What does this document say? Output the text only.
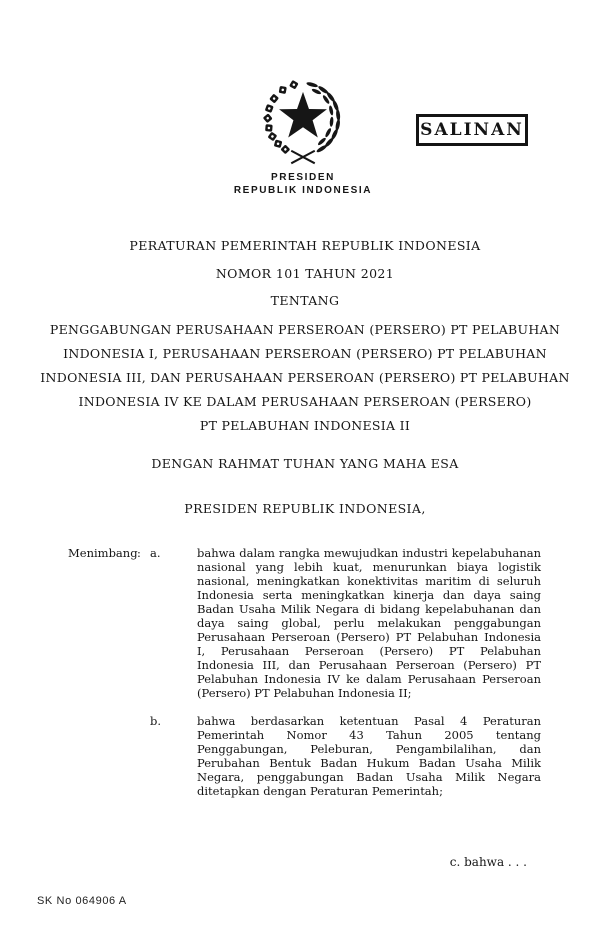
PRESIDEN
REPUBLIK INDONESIA
SALINAN
PERATURAN PEMERINTAH REPUBLIK INDONESIA
NOMOR 101 TAHUN 2021
TENTANG
PENGGABUNGAN PERUSAHAAN PERSEROAN (PERSERO) PT PELABUHAN
INDONESIA I, PERUSAHAAN PERSEROAN (PERSERO) PT PELABUHAN
INDONESIA III, DAN PERUSAHAAN PERSEROAN (PERSERO) PT PELABUHAN
INDONESIA IV KE DALAM PERUSAHAAN PERSEROAN (PERSERO)
PT PELABUHAN INDONESIA II
DENGAN RAHMAT TUHAN YANG MAHA ESA
PRESIDEN REPUBLIK INDONESIA,
Menimbang : a.	bahwa dalam rangka mewujudkan industri kepelabuhanan nasional yang lebih kuat, menurunkan biaya logistik nasional, meningkatkan konektivitas maritim di seluruh Indonesia serta meningkatkan kinerja dan daya saing Badan Usaha Milik Negara di bidang kepelabuhanan dan daya saing global, perlu melakukan penggabungan Perusahaan Perseroan (Persero) PT Pelabuhan Indonesia I, Perusahaan Perseroan (Persero) PT Pelabuhan Indonesia III, dan Perusahaan Perseroan (Persero) PT Pelabuhan Indonesia IV ke dalam Perusahaan Perseroan (Persero) PT Pelabuhan Indonesia II;
b.	bahwa berdasarkan ketentuan Pasal 4 Peraturan Pemerintah Nomor 43 Tahun 2005 tentang Penggabungan, Peleburan, Pengambilalihan, dan Perubahan Bentuk Badan Hukum Badan Usaha Milik Negara, penggabungan Badan Usaha Milik Negara ditetapkan dengan Peraturan Pemerintah;
c. bahwa . . .
SK No 064906 A
